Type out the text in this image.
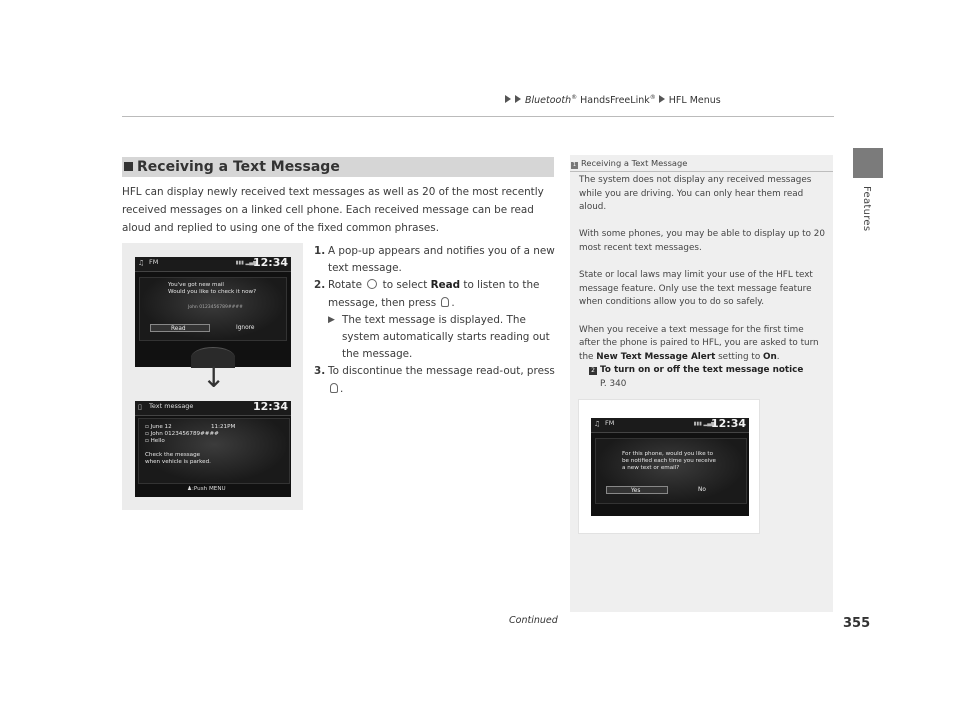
Bluetooth® HandsFreeLink® HFL Menus
Features
Receiving a Text Message
HFL can display newly received text messages as well as 20 of the most recently received messages on a linked cell phone. Each received message can be read aloud and replied to using one of the fixed common phrases.
♫ FM	▮▮▮ ▂▄▆
12:34
You've got new mail
Would you like to check it now?
John 0123456789####
Read	Ignore
▯ Text message	12:34
▫ June 12	11:21PM
▫ John 0123456789####
▫ Hello
Check the message
when vehicle is parked.
♟:Push MENU
↓
1. A pop-up appears and notifies you of a new text message.
2. Rotate to select Read to listen to the message, then press .
▶ The text message is displayed. The system automatically starts reading out the message.
3. To discontinue the message read-out, press
.
1 Receiving a Text Message

The system does not display any received messages while you are driving. You can only hear them read aloud.

With some phones, you may be able to display up to 20 most recent text messages.

State or local laws may limit your use of the HFL text message feature. Only use the text message feature when conditions allow you to do so safely.

When you receive a text message for the first time after the phone is paired to HFL, you are asked to turn the New Text Message Alert setting to On.

2 To turn on or off the text message notice
P. 340
♫ FM	▮▮▮ ▂▄▆
12:34
For this phone, would you like to
be notified each time you receive
a new text or email?
Yes	No
Continued	355
